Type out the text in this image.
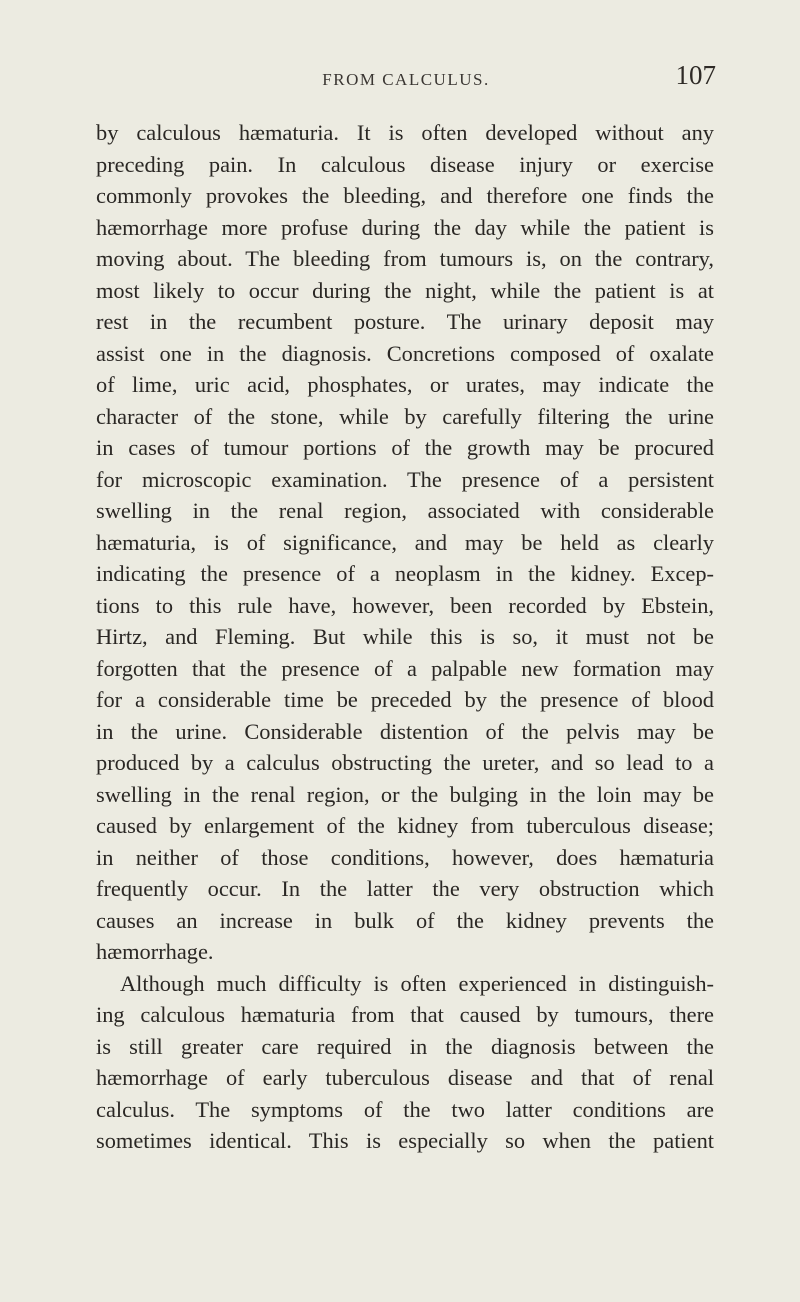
FROM CALCULUS.	107
by calculous hæmaturia. It is often developed without any
preceding pain. In calculous disease injury or exercise
commonly provokes the bleeding, and therefore one finds the
hæmorrhage more profuse during the day while the patient is
moving about. The bleeding from tumours is, on the contrary,
most likely to occur during the night, while the patient is at
rest in the recumbent posture. The urinary deposit may
assist one in the diagnosis. Concretions composed of oxalate
of lime, uric acid, phosphates, or urates, may indicate the
character of the stone, while by carefully filtering the urine
in cases of tumour portions of the growth may be procured
for microscopic examination. The presence of a persistent
swelling in the renal region, associated with considerable
hæmaturia, is of significance, and may be held as clearly
indicating the presence of a neoplasm in the kidney. Excep-
tions to this rule have, however, been recorded by Ebstein,
Hirtz, and Fleming. But while this is so, it must not be
forgotten that the presence of a palpable new formation may
for a considerable time be preceded by the presence of blood
in the urine. Considerable distention of the pelvis may be
produced by a calculus obstructing the ureter, and so lead to a
swelling in the renal region, or the bulging in the loin may be
caused by enlargement of the kidney from tuberculous disease;
in neither of those conditions, however, does hæmaturia
frequently occur. In the latter the very obstruction which
causes an increase in bulk of the kidney prevents the
hæmorrhage.
Although much difficulty is often experienced in distinguish-
ing calculous hæmaturia from that caused by tumours, there
is still greater care required in the diagnosis between the
hæmorrhage of early tuberculous disease and that of renal
calculus. The symptoms of the two latter conditions are
sometimes identical. This is especially so when the patient
